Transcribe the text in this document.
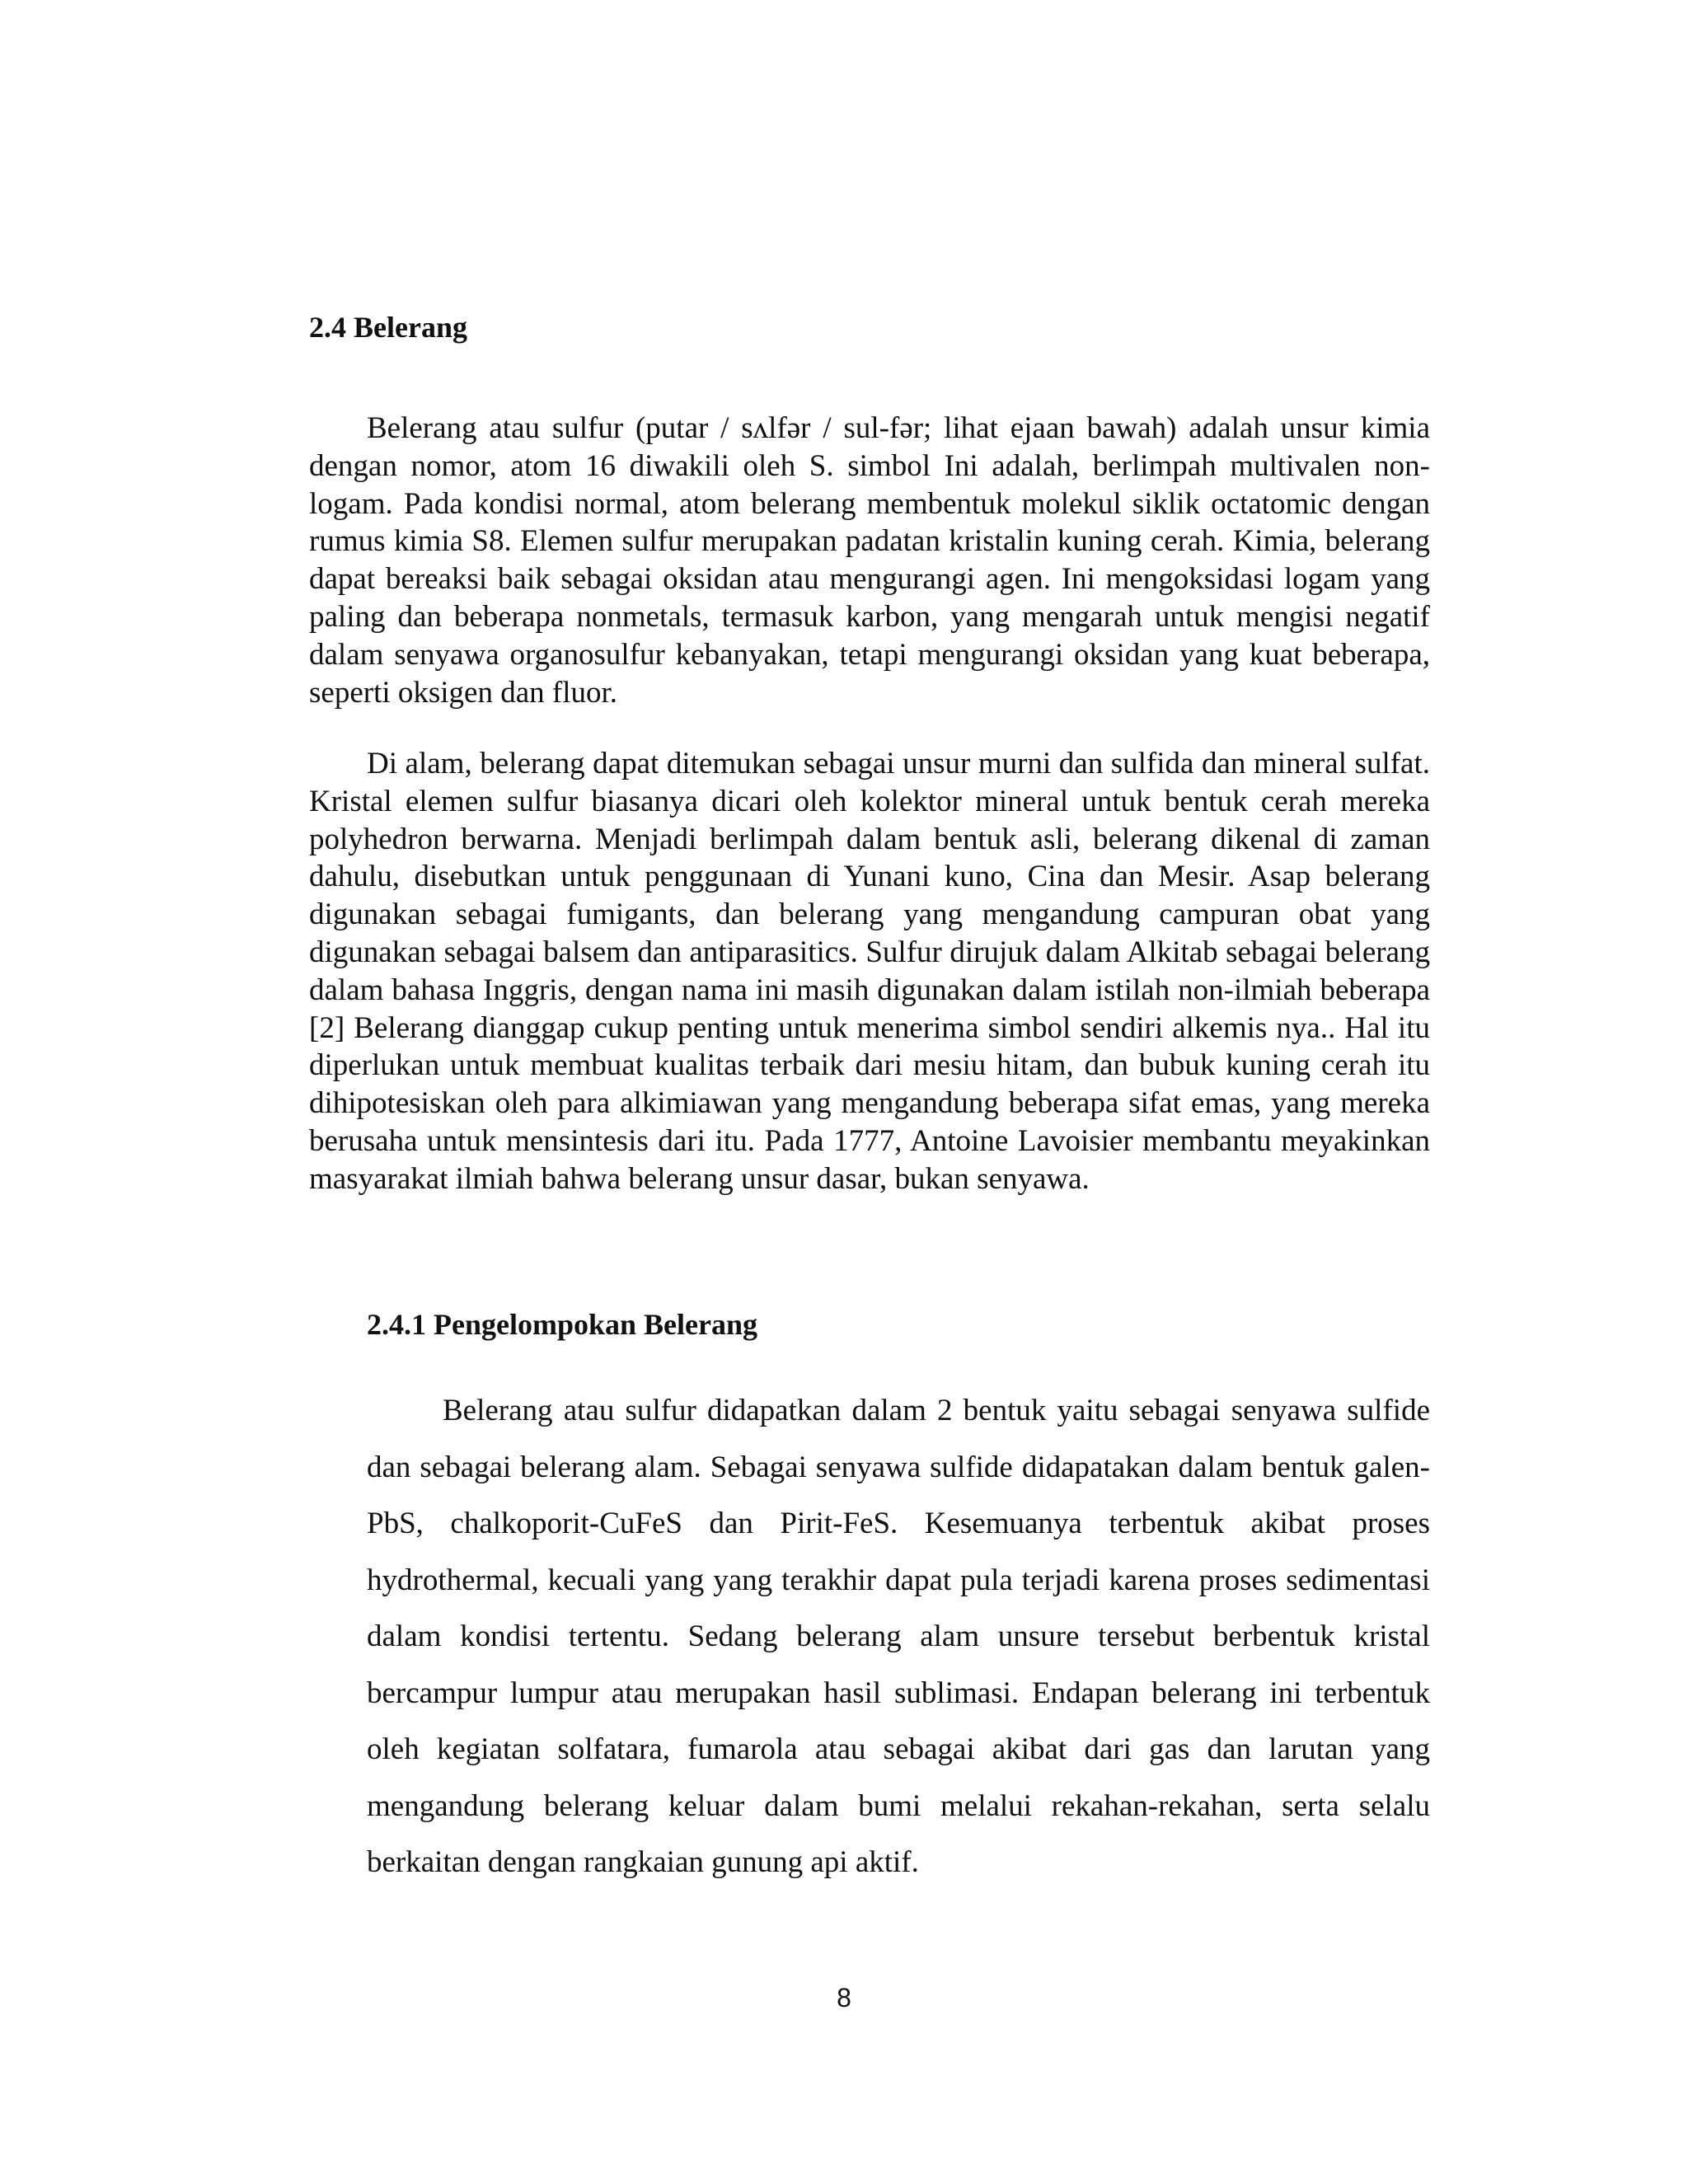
2.4 Belerang

Belerang atau sulfur (putar / sʌlfər / sul-fər; lihat ejaan bawah) adalah unsur kimia dengan nomor, atom 16 diwakili oleh S. simbol Ini adalah, berlimpah multivalen non-logam. Pada kondisi normal, atom belerang membentuk molekul siklik octatomic dengan rumus kimia S8. Elemen sulfur merupakan padatan kristalin kuning cerah. Kimia, belerang dapat bereaksi baik sebagai oksidan atau mengurangi agen. Ini mengoksidasi logam yang paling dan beberapa nonmetals, termasuk karbon, yang mengarah untuk mengisi negatif dalam senyawa organosulfur kebanyakan, tetapi mengurangi oksidan yang kuat beberapa, seperti oksigen dan fluor.

Di alam, belerang dapat ditemukan sebagai unsur murni dan sulfida dan mineral sulfat. Kristal elemen sulfur biasanya dicari oleh kolektor mineral untuk bentuk cerah mereka polyhedron berwarna. Menjadi berlimpah dalam bentuk asli, belerang dikenal di zaman dahulu, disebutkan untuk penggunaan di Yunani kuno, Cina dan Mesir. Asap belerang digunakan sebagai fumigants, dan belerang yang mengandung campuran obat yang digunakan sebagai balsem dan antiparasitics. Sulfur dirujuk dalam Alkitab sebagai belerang dalam bahasa Inggris, dengan nama ini masih digunakan dalam istilah non-ilmiah beberapa [2] Belerang dianggap cukup penting untuk menerima simbol sendiri alkemis nya.. Hal itu diperlukan untuk membuat kualitas terbaik dari mesiu hitam, dan bubuk kuning cerah itu dihipotesiskan oleh para alkimiawan yang mengandung beberapa sifat emas, yang mereka berusaha untuk mensintesis dari itu. Pada 1777, Antoine Lavoisier membantu meyakinkan masyarakat ilmiah bahwa belerang unsur dasar, bukan senyawa.

2.4.1 Pengelompokan Belerang

Belerang atau sulfur didapatkan dalam 2 bentuk yaitu sebagai senyawa sulfide dan sebagai belerang alam. Sebagai senyawa sulfide didapatakan dalam bentuk galen-PbS, chalkoporit-CuFeS dan Pirit-FeS. Kesemuanya terbentuk akibat proses hydrothermal, kecuali yang yang terakhir dapat pula terjadi karena proses sedimentasi dalam kondisi tertentu. Sedang belerang alam unsure tersebut berbentuk kristal bercampur lumpur atau merupakan hasil sublimasi. Endapan belerang ini terbentuk oleh kegiatan solfatara, fumarola atau sebagai akibat dari gas dan larutan yang mengandung belerang keluar dalam bumi melalui rekahan-rekahan, serta selalu berkaitan dengan rangkaian gunung api aktif.

8
